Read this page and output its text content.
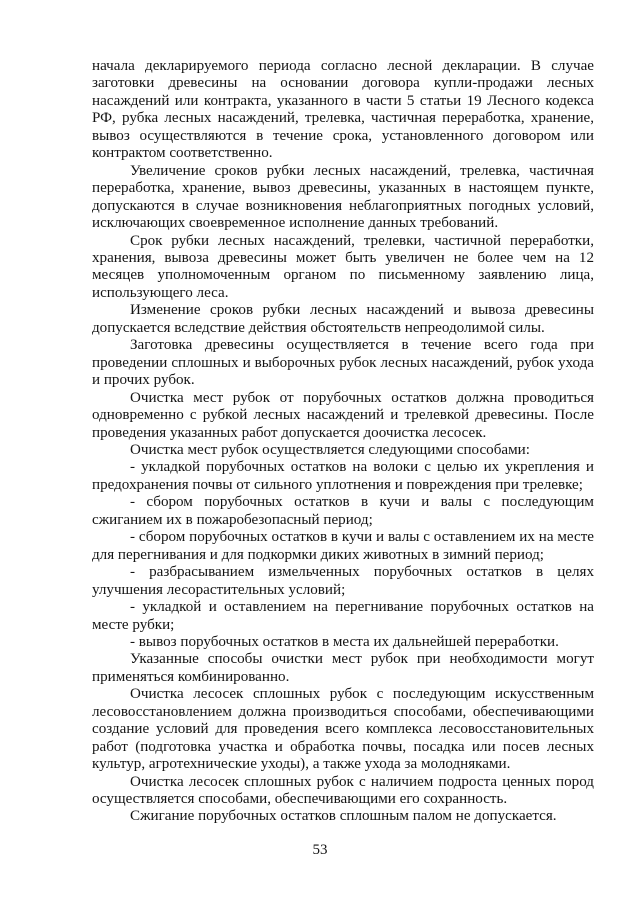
начала декларируемого периода согласно лесной декларации. В случае заготовки древесины на основании договора купли-продажи лесных насаждений или контракта, указанного в части 5 статьи 19 Лесного кодекса РФ, рубка лесных насаждений, трелевка, частичная переработка, хранение, вывоз осуществляются в течение срока, установленного договором или контрактом соответственно.

Увеличение сроков рубки лесных насаждений, трелевка, частичная переработка, хранение, вывоз древесины, указанных в настоящем пункте, допускаются в случае возникновения неблагоприятных погодных условий, исключающих своевременное исполнение данных требований.

Срок рубки лесных насаждений, трелевки, частичной переработки, хранения, вывоза древесины может быть увеличен не более чем на 12 месяцев уполномоченным органом по письменному заявлению лица, использующего леса.

Изменение сроков рубки лесных насаждений и вывоза древесины допускается вследствие действия обстоятельств непреодолимой силы.

Заготовка древесины осуществляется в течение всего года при проведении сплошных и выборочных рубок лесных насаждений, рубок ухода и прочих рубок.

Очистка мест рубок от порубочных остатков должна проводиться одновременно с рубкой лесных насаждений и трелевкой древесины. После проведения указанных работ допускается доочистка лесосек.

Очистка мест рубок осуществляется следующими способами:

- укладкой порубочных остатков на волоки с целью их укрепления и предохранения почвы от сильного уплотнения и повреждения при трелевке;

- сбором порубочных остатков в кучи и валы с последующим сжиганием их в пожаробезопасный период;

- сбором порубочных остатков в кучи и валы с оставлением их на месте для перегнивания и для подкормки диких животных в зимний период;

- разбрасыванием измельченных порубочных остатков в целях улучшения лесорастительных условий;

- укладкой и оставлением на перегнивание порубочных остатков на месте рубки;

- вывоз порубочных остатков в места их дальнейшей переработки.

Указанные способы очистки мест рубок при необходимости могут применяться комбинированно.

Очистка лесосек сплошных рубок с последующим искусственным лесовосстановлением должна производиться способами, обеспечивающими создание условий для проведения всего комплекса лесовосстановительных работ (подготовка участка и обработка почвы, посадка или посев лесных культур, агротехнические уходы), а также ухода за молодняками.

Очистка лесосек сплошных рубок с наличием подроста ценных пород осуществляется способами, обеспечивающими его сохранность.

Сжигание порубочных остатков сплошным палом не допускается.

53
